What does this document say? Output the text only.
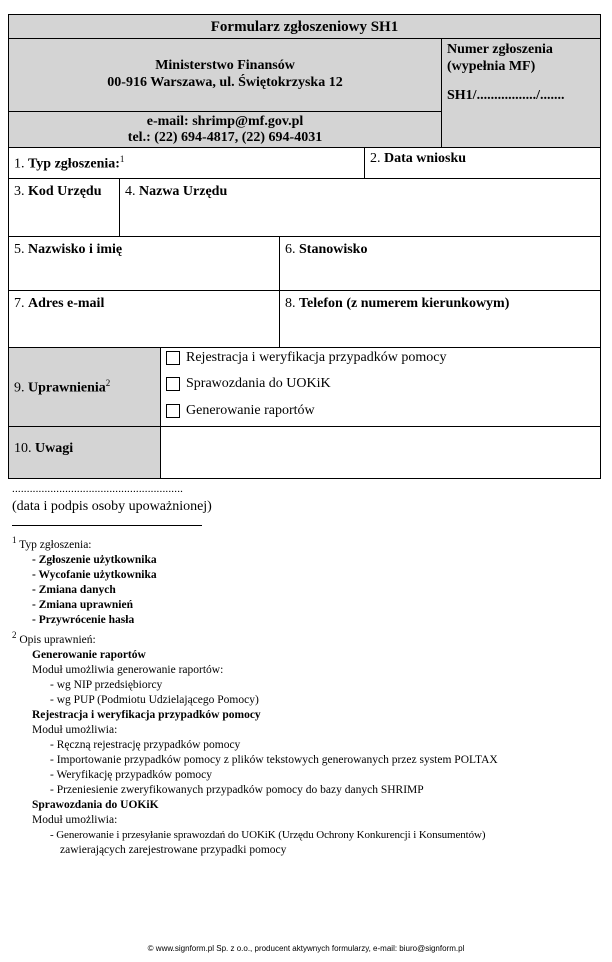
Formularz zgłoszeniowy SH1
Ministerstwo Finansów
00-916 Warszawa, ul. Świętokrzyska 12
e-mail: shrimp@mf.gov.pl
tel.: (22) 694-4817, (22) 694-4031
Numer zgłoszenia
(wypełnia MF)
SH1/................./.......
1. Typ zgłoszenia:$^1$	2. Data wniosku
3. Kod Urzędu	4. Nazwa Urzędu
5. Nazwisko i imię	6. Stanowisko
7. Adres e-mail	8. Telefon (z numerem kierunkowym)
9. Uprawnienia$^2$
Rejestracja i weryfikacja przypadków pomocy
Sprawozdania do UOKiK
Generowanie raportów
10. Uwagi
..........................................................
(data i podpis osoby upoważnionej)
$^1$ Typ zgłoszenia:
- Zgłoszenie użytkownika
- Wycofanie użytkownika
- Zmiana danych
- Zmiana uprawnień
- Przywrócenie hasła
$^2$ Opis uprawnień:
Generowanie raportów
Moduł umożliwia generowanie raportów:
- wg NIP przedsiębiorcy
- wg PUP (Podmiotu Udzielającego Pomocy)
Rejestracja i weryfikacja przypadków pomocy
Moduł umożliwia:
- Ręczną rejestrację przypadków pomocy
- Importowanie przypadków pomocy z plików tekstowych generowanych przez system POLTAX
- Weryfikację przypadków pomocy
- Przeniesienie zweryfikowanych przypadków pomocy do bazy danych SHRIMP
Sprawozdania do UOKiK
Moduł umożliwia:
- Generowanie i przesyłanie sprawozdań do UOKiK (Urzędu Ochrony Konkurencji i Konsumentów)
zawierających zarejestrowane przypadki pomocy
© www.signform.pl Sp. z o.o., producent aktywnych formularzy, e-mail: biuro@signform.pl
